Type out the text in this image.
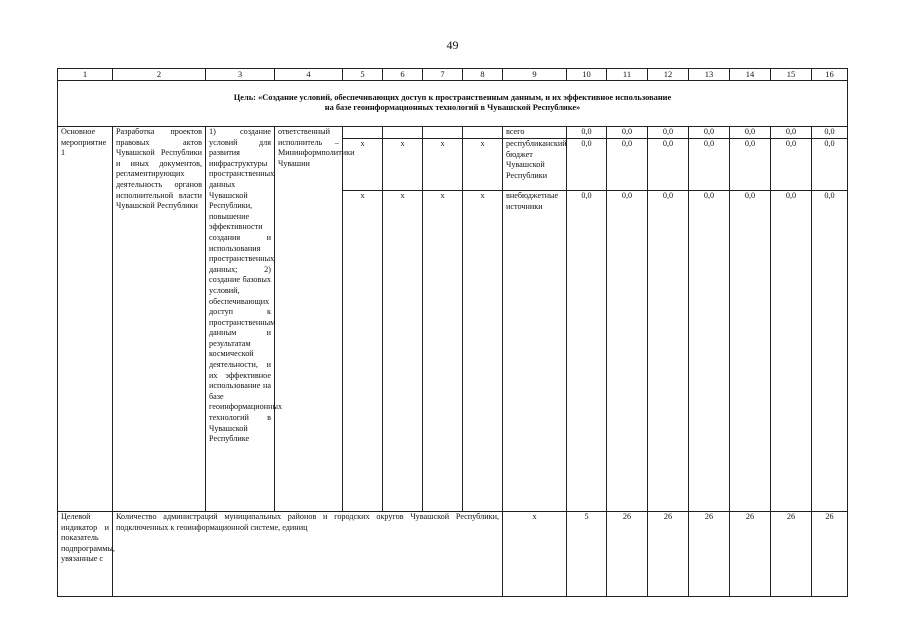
49
1	2	3	4	5	6	7	8	9	10	11	12	13	14	15	16

Цель: «Создание условий, обеспечивающих доступ к пространственным данным, и их эффективное использование
на базе геоинформационных технологий в Чувашской Республике»															

Основное мероприятие 1	Разработка проектов правовых актов Чувашской Республики и иных документов, регламентирующих деятельность органов исполнительной власти Чувашской Республики	1) создание условий для развития инфраструктуры пространственных данных Чувашской Республики, повышение эффективности создания и использования пространственных данных; 2) создание базовых условий, обеспечивающих доступ к пространственным данным и результатам космической деятельности, и их эффективное использование на базе геоинформационных технологий в Чувашской Республике	ответственный исполнитель – Мининформполитики Чувашии					всего	0,0	0,0	0,0	0,0	0,0	0,0	0,0
				x	x	x	x	республиканский бюджет Чувашской Республики	0,0	0,0	0,0	0,0	0,0	0,0	0,0
				x	x	x	x	внебюджетные источники	0,0	0,0	0,0	0,0	0,0	0,0	0,0
Целевой индикатор и показатель подпрограммы, увязанные с	Количество администраций муниципальных районов и городских округов Чувашской Республики, подключенных к геоинформационной системе, единиц							x	5	26	26	26	26	26	26
